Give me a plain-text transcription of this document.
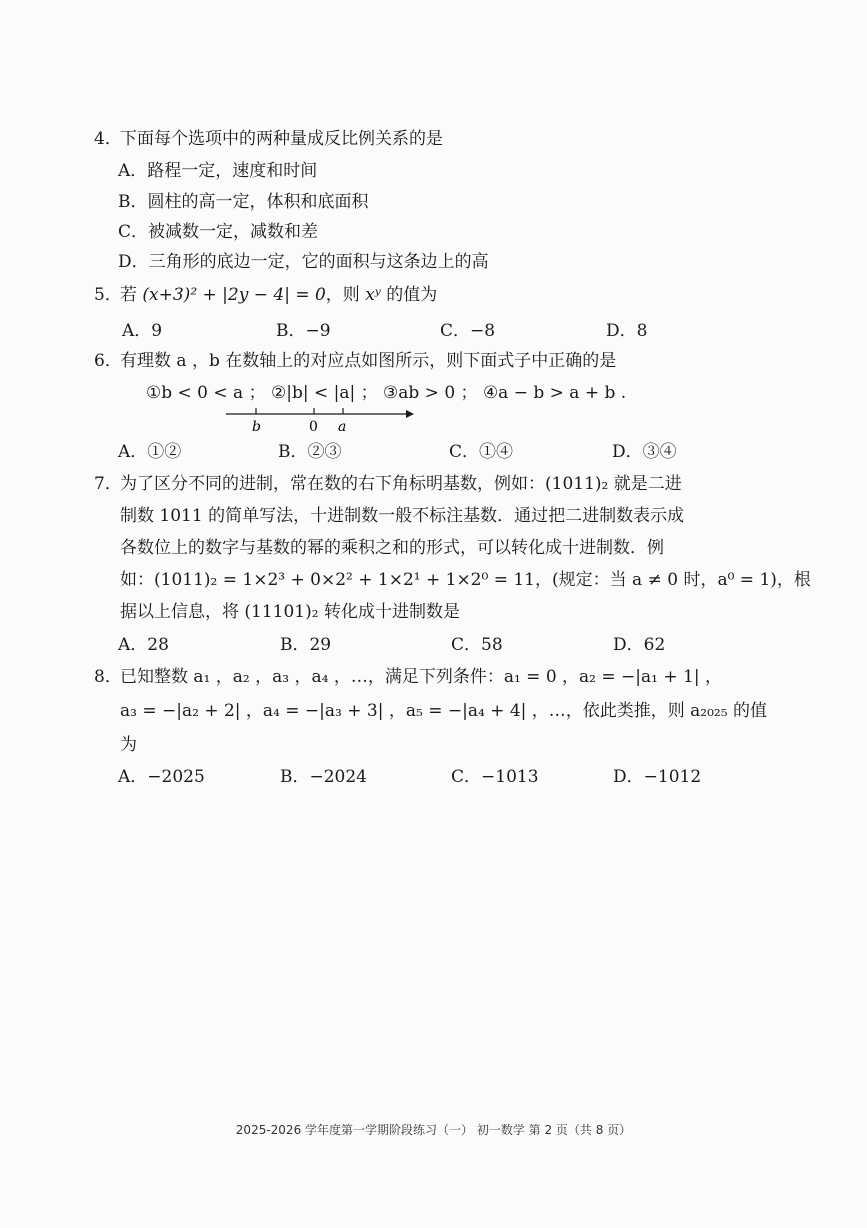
4．下面每个选项中的两种量成反比例关系的是
A．路程一定，速度和时间
B．圆柱的高一定，体积和底面积
C．被减数一定，减数和差
D．三角形的底边一定，它的面积与这条边上的高
5．若 (x+3)² + |2y − 4| = 0，则 xʸ 的值为
A．9	B．−9	C．−8	D．8
6．有理数 a ，b 在数轴上的对应点如图所示，则下面式子中正确的是
①b < 0 < a ； ②|b| < |a| ； ③ab > 0 ； ④a − b > a + b .
b	0 a
A．①②	B．②③	C．①④	D．③④
7．为了区分不同的进制，常在数的右下角标明基数，例如：(1011)₂ 就是二进
制数 1011 的简单写法，十进制数一般不标注基数．通过把二进制数表示成
各数位上的数字与基数的幂的乘积之和的形式，可以转化成十进制数．例
如：(1011)₂ = 1×2³ + 0×2² + 1×2¹ + 1×2⁰ = 11，(规定：当 a ≠ 0 时，a⁰ = 1)，根
据以上信息，将 (11101)₂ 转化成十进制数是
A．28	B．29	C．58	D．62
8．已知整数 a₁ ，a₂ ，a₃ ，a₄ ，…，满足下列条件：a₁ = 0 ，a₂ = −|a₁ + 1| ，
a₃ = −|a₂ + 2| ，a₄ = −|a₃ + 3| ，a₅ = −|a₄ + 4| ，…，依此类推，则 a₂₀₂₅ 的值
为
A．−2025	B．−2024	C．−1013	D．−1012
2025-2026 学年度第一学期阶段练习（一） 初一数学 第 2 页（共 8 页）
